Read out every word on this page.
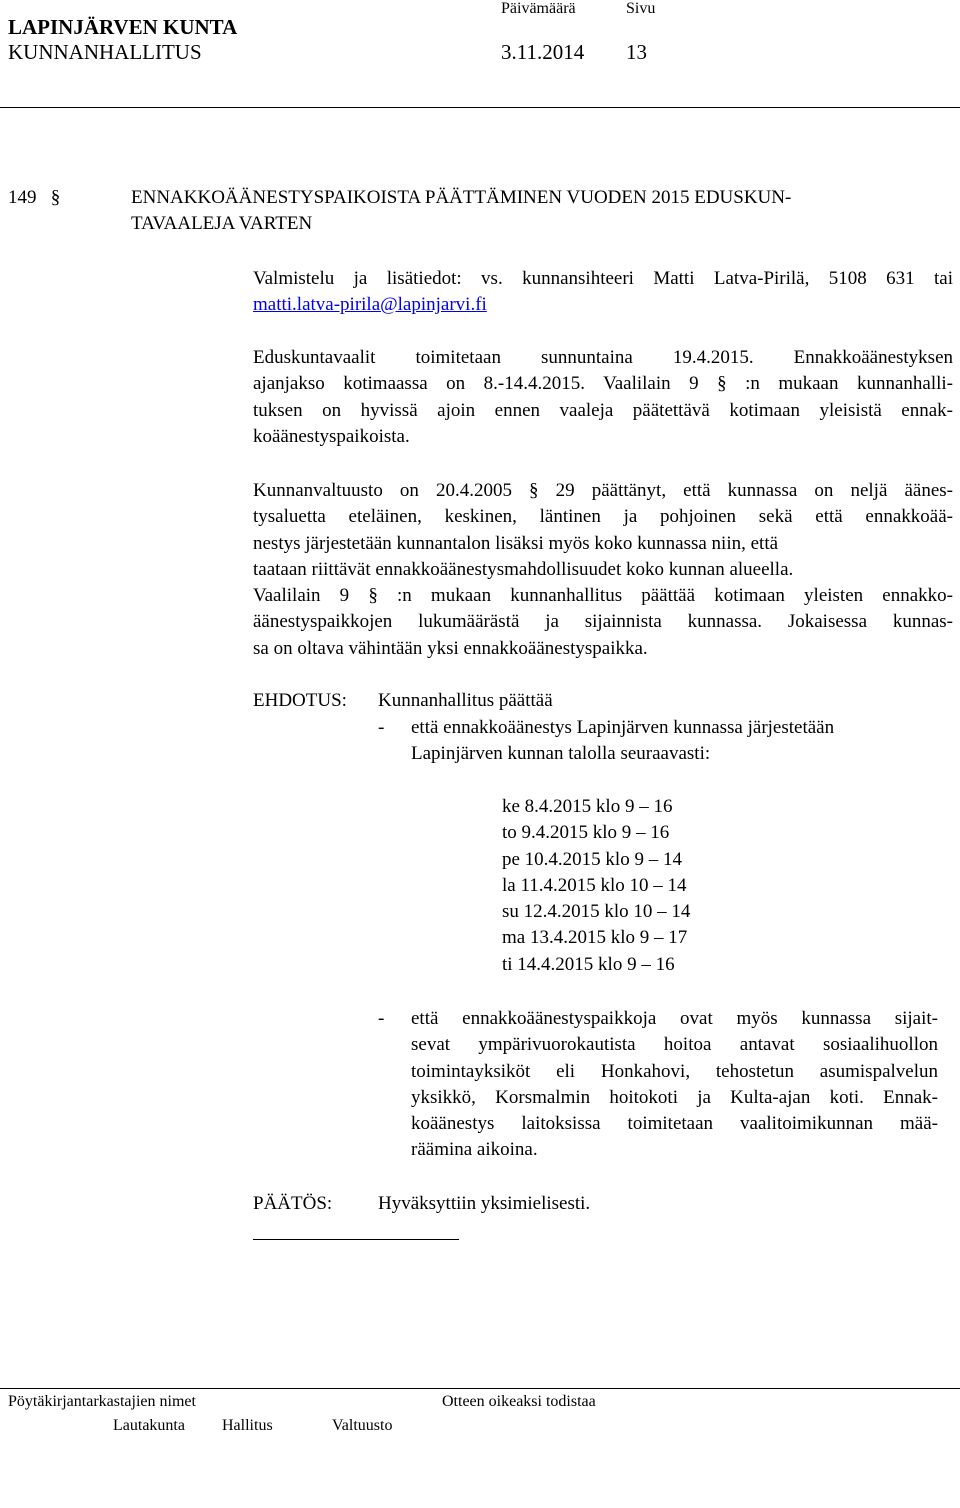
LAPINJÄRVEN KUNTA
KUNNANHALLITUS
Päivämäärä
3.11.2014
Sivu
13
149 §	ENNAKKOÄÄNESTYSPAIKOISTA PÄÄTTÄMINEN VUODEN 2015 EDUSKUN-
TAVAALEJA VARTEN
Valmistelu ja lisätiedot: vs. kunnansihteeri Matti Latva-Pirilä, 5108 631 tai
matti.latva-pirila@lapinjarvi.fi
Eduskuntavaalit toimitetaan sunnuntaina 19.4.2015. Ennakkoäänestyksen
ajanjakso kotimaassa on 8.-14.4.2015. Vaalilain 9 § :n mukaan kunnanhalli-
tuksen on hyvissä ajoin ennen vaaleja päätettävä kotimaan yleisistä ennak-
koäänestyspaikoista.
Kunnanvaltuusto on 20.4.2005 § 29 päättänyt, että kunnassa on neljä äänes-
tysaluetta eteläinen, keskinen, läntinen ja pohjoinen sekä että ennakkoää-
nestys järjestetään kunnantalon lisäksi myös koko kunnassa niin, että
taataan riittävät ennakkoäänestysmahdollisuudet koko kunnan alueella.
Vaalilain 9 § :n mukaan kunnanhallitus päättää kotimaan yleisten ennakko-
äänestyspaikkojen lukumäärästä ja sijainnista kunnassa. Jokaisessa kunnas-
sa on oltava vähintään yksi ennakkoäänestyspaikka.
EHDOTUS: Kunnanhallitus päättää
- että ennakkoäänestys Lapinjärven kunnassa järjestetään
Lapinjärven kunnan talolla seuraavasti:
ke 8.4.2015 klo 9 – 16
to 9.4.2015 klo 9 – 16
pe 10.4.2015 klo 9 – 14
la 11.4.2015 klo 10 – 14
su 12.4.2015 klo 10 – 14
ma 13.4.2015 klo 9 – 17
ti 14.4.2015 klo 9 – 16
- että ennakkoäänestyspaikkoja ovat myös kunnassa sijait-
sevat ympärivuorokautista hoitoa antavat sosiaalihuollon
toimintayksiköt eli Honkahovi, tehostetun asumispalvelun
yksikkö, Korsmalmin hoitokoti ja Kulta-ajan koti. Ennak-
koäänestys laitoksissa toimitetaan vaalitoimikunnan mää-
räämina aikoina.
PÄÄTÖS: Hyväksyttiin yksimielisesti.
Pöytäkirjantarkastajien nimet	Otteen oikeaksi todistaa
Lautakunta Hallitus	Valtuusto
